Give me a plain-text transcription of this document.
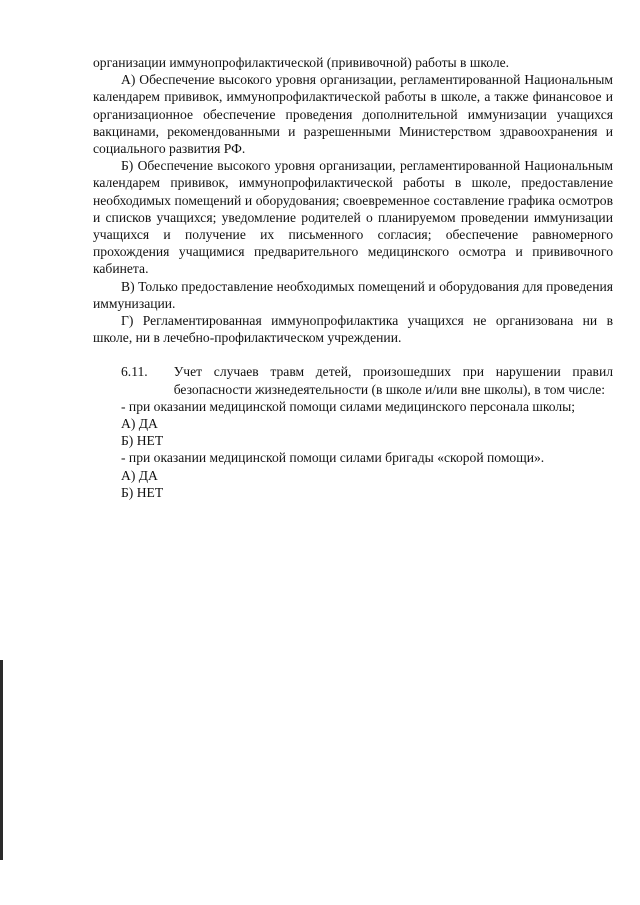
организации иммунопрофилактической (прививочной) работы в школе.

А) Обеспечение высокого уровня организации, регламентированной Национальным календарем прививок, иммунопрофилактической работы в школе, а также финансовое и организационное обеспечение проведения дополнительной иммунизации учащихся вакцинами, рекомендованными и разрешенными Министерством здравоохранения и социального развития РФ.

Б) Обеспечение высокого уровня организации, регламентированной Национальным календарем прививок, иммунопрофилактической работы в школе, предоставление необходимых помещений и оборудования; своевременное составление графика осмотров и списков учащихся; уведомление родителей о планируемом проведении иммунизации учащихся и получение их письменного согласия; обеспечение равномерного прохождения учащимися предварительного медицинского осмотра и прививочного кабинета.

В) Только предоставление необходимых помещений и оборудования для проведения иммунизации.

Г) Регламентированная иммунопрофилактика учащихся не организована ни в школе, ни в лечебно-профилактическом учреждении.

6.11. Учет случаев травм детей, произошедших при нарушении правил безопасности жизнедеятельности (в школе и/или вне школы), в том числе:

- при оказании медицинской помощи силами медицинского персонала школы;

А) ДА

Б) НЕТ

- при оказании медицинской помощи силами бригады «скорой помощи».

А) ДА

Б) НЕТ
